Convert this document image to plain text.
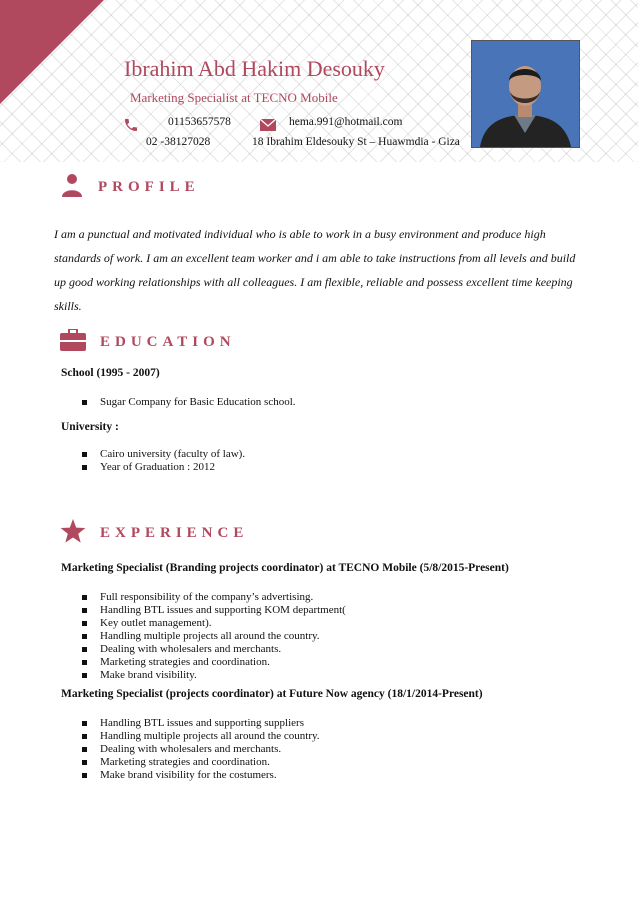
Ibrahim Abd Hakim Desouky
Marketing Specialist at TECNO Mobile
01153657578	hema.991@hotmail.com
02 -38127028	18 Ibrahim Eldesouky St – Huawmdia - Giza
PROFILE
I am a punctual and motivated individual who is able to work in a busy environment and produce high standards of work. I am an excellent team worker and i am able to take instructions from all levels and build up good working relationships with all colleagues. I am flexible, reliable and possess excellent time keeping skills.
EDUCATION
School (1995 - 2007)
Sugar Company for Basic Education school.
University :
Cairo university (faculty of law).
Year of Graduation : 2012
EXPERIENCE
Marketing Specialist (Branding projects coordinator) at TECNO Mobile (5/8/2015-Present)
Full responsibility of the company’s advertising.
Handling BTL issues and supporting KOM department(
Key outlet management).
Handling multiple projects all around the country.
Dealing with wholesalers and merchants.
Marketing strategies and coordination.
Make brand visibility.
Marketing Specialist (projects coordinator) at Future Now agency (18/1/2014-Present)
Handling BTL issues and supporting suppliers
Handling multiple projects all around the country.
Dealing with wholesalers and merchants.
Marketing strategies and coordination.
Make brand visibility for the costumers.
